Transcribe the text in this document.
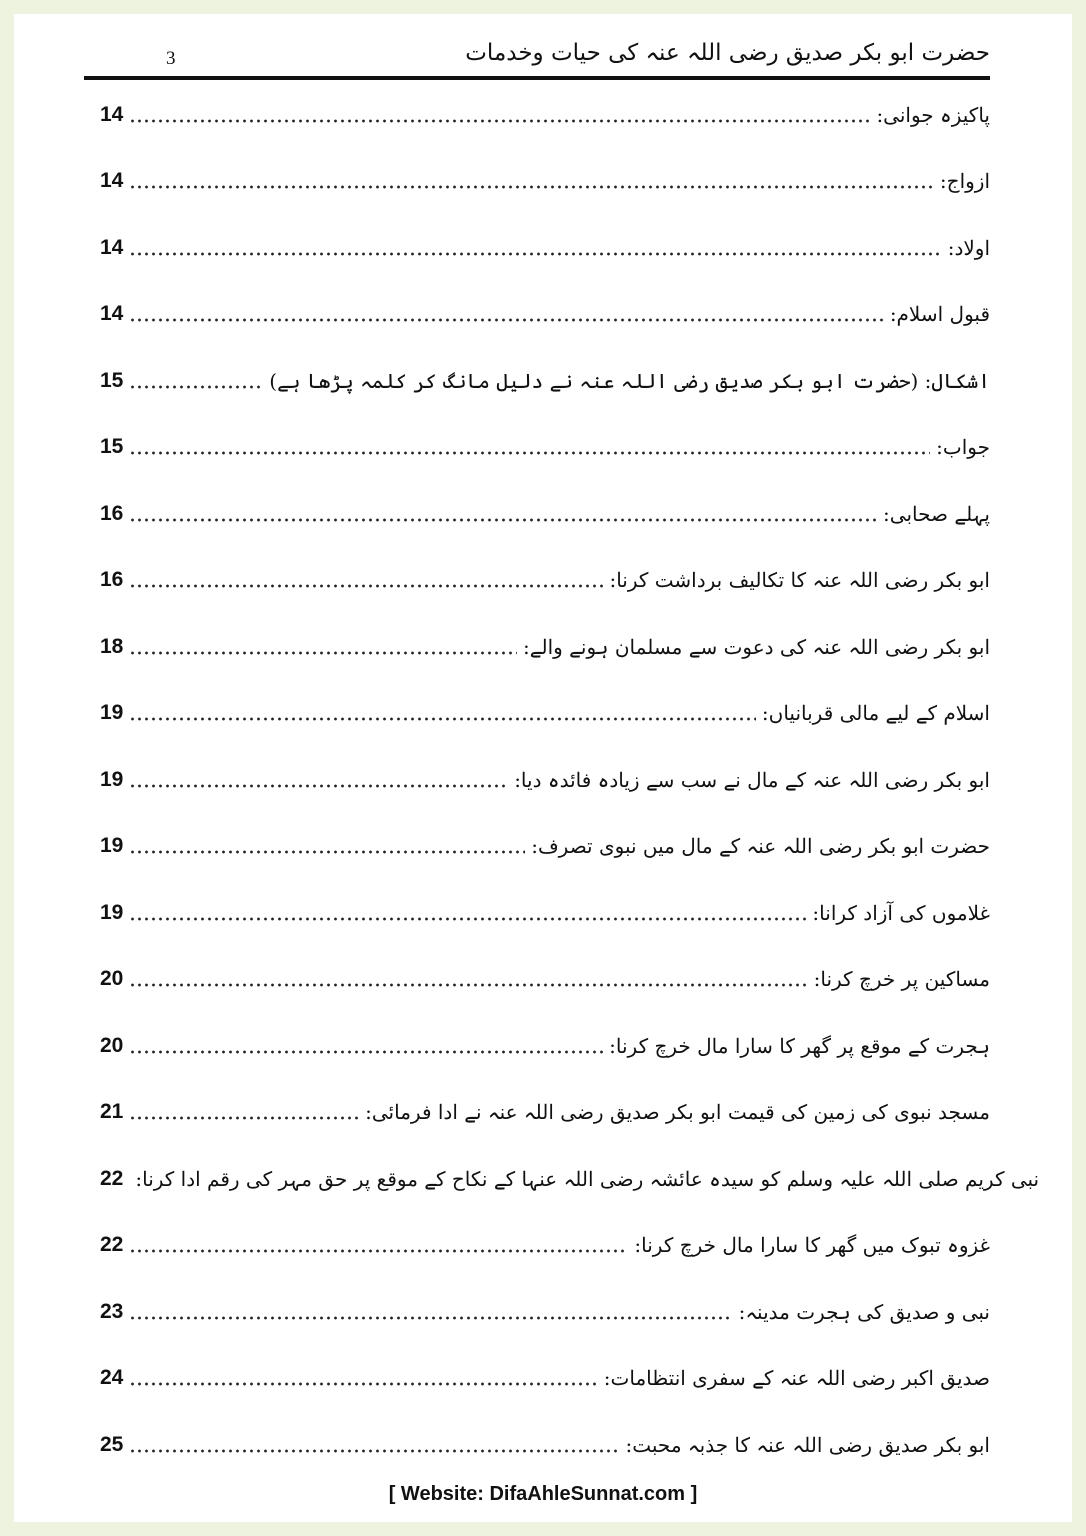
حضرت ابو بکر صدیق رضی اللہ عنہ کی حیات وخدمات
3
14	پاکیزہ جوانی:
14	ازواج:
14	اولاد:
14	قبول اسلام:
15	اشکال: (حضرت ابو بکر صدیق رضی اللہ عنہ نے دلیل مانگ کر کلمہ پڑھا ہے)
15	جواب:
16	پہلے صحابی:
16	ابو بکر رضی اللہ عنہ کا تکالیف برداشت کرنا:
18	ابو بکر رضی اللہ عنہ کی دعوت سے مسلمان ہونے والے:
19	اسلام کے لیے مالی قربانیاں:
19	ابو بکر رضی اللہ عنہ کے مال نے سب سے زیادہ فائدہ دیا:
19	حضرت ابو بکر رضی اللہ عنہ کے مال میں نبوی تصرف:
19	غلاموں کی آزاد کرانا:
20	مساکین پر خرچ کرنا:
20	ہجرت کے موقع پر گھر کا سارا مال خرچ کرنا:
21	مسجد نبوی کی زمین کی قیمت ابو بکر صدیق رضی اللہ عنہ نے ادا فرمائی:
22 نبی کریم صلی اللہ علیہ وسلم کو سیدہ عائشہ رضی اللہ عنہا کے نکاح کے موقع پر حق مہر کی رقم ادا کرنا:
22	غزوہ تبوک میں گھر کا سارا مال خرچ کرنا:
23	نبی و صدیق کی ہجرت مدینہ:
24	صدیق اکبر رضی اللہ عنہ کے سفری انتظامات:
25	ابو بکر صدیق رضی اللہ عنہ کا جذبہ محبت:
[ Website: DifaAhleSunnat.com ]
